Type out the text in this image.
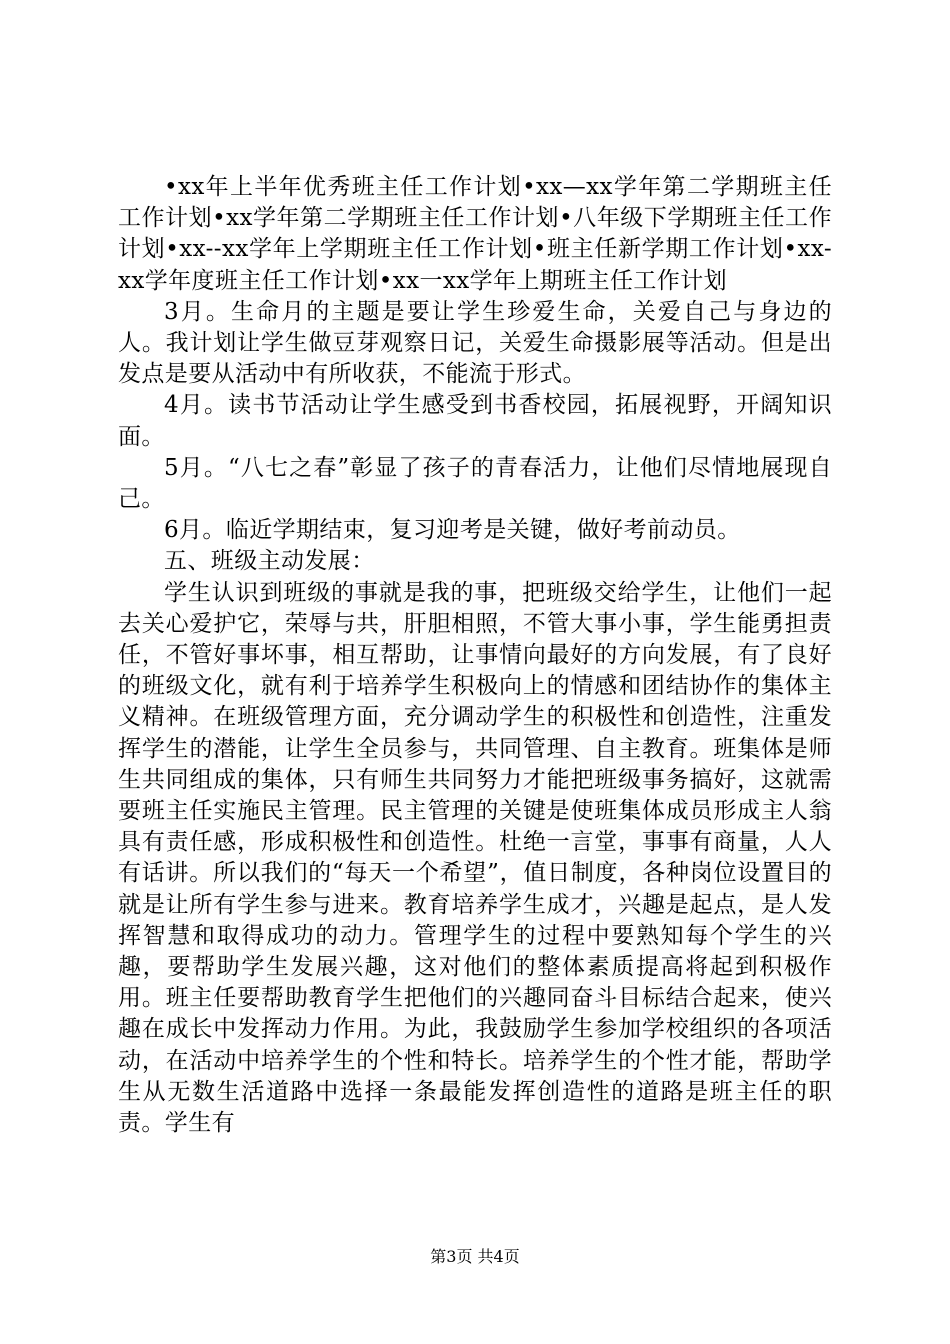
•xx年上半年优秀班主任工作计划•xx—xx学年第二学期班主任工作计划•xx学年第二学期班主任工作计划•八年级下学期班主任工作计划•xx--xx学年上学期班主任工作计划•班主任新学期工作计划•xx-xx学年度班主任工作计划•xx一xx学年上期班主任工作计划

3月。生命月的主题是要让学生珍爱生命，关爱自己与身边的人。我计划让学生做豆芽观察日记，关爱生命摄影展等活动。但是出发点是要从活动中有所收获，不能流于形式。

4月。读书节活动让学生感受到书香校园，拓展视野，开阔知识面。

5月。“八七之春”彰显了孩子的青春活力，让他们尽情地展现自己。

6月。临近学期结束，复习迎考是关键，做好考前动员。

五、班级主动发展：

学生认识到班级的事就是我的事，把班级交给学生，让他们一起去关心爱护它，荣辱与共，肝胆相照，不管大事小事，学生能勇担责任，不管好事坏事，相互帮助，让事情向最好的方向发展，有了良好的班级文化，就有利于培养学生积极向上的情感和团结协作的集体主义精神。在班级管理方面，充分调动学生的积极性和创造性，注重发挥学生的潜能，让学生全员参与，共同管理、自主教育。班集体是师生共同组成的集体，只有师生共同努力才能把班级事务搞好，这就需要班主任实施民主管理。民主管理的关键是使班集体成员形成主人翁具有责任感，形成积极性和创造性。杜绝一言堂，事事有商量，人人有话讲。所以我们的“每天一个希望”，值日制度，各种岗位设置目的就是让所有学生参与进来。教育培养学生成才，兴趣是起点，是人发挥智慧和取得成功的动力。管理学生的过程中要熟知每个学生的兴趣，要帮助学生发展兴趣，这对他们的整体素质提高将起到积极作用。班主任要帮助教育学生把他们的兴趣同奋斗目标结合起来，使兴趣在成长中发挥动力作用。为此，我鼓励学生参加学校组织的各项活动，在活动中培养学生的个性和特长。培养学生的个性才能，帮助学生从无数生活道路中选择一条最能发挥创造性的道路是班主任的职责。学生有

第3页 共4页
